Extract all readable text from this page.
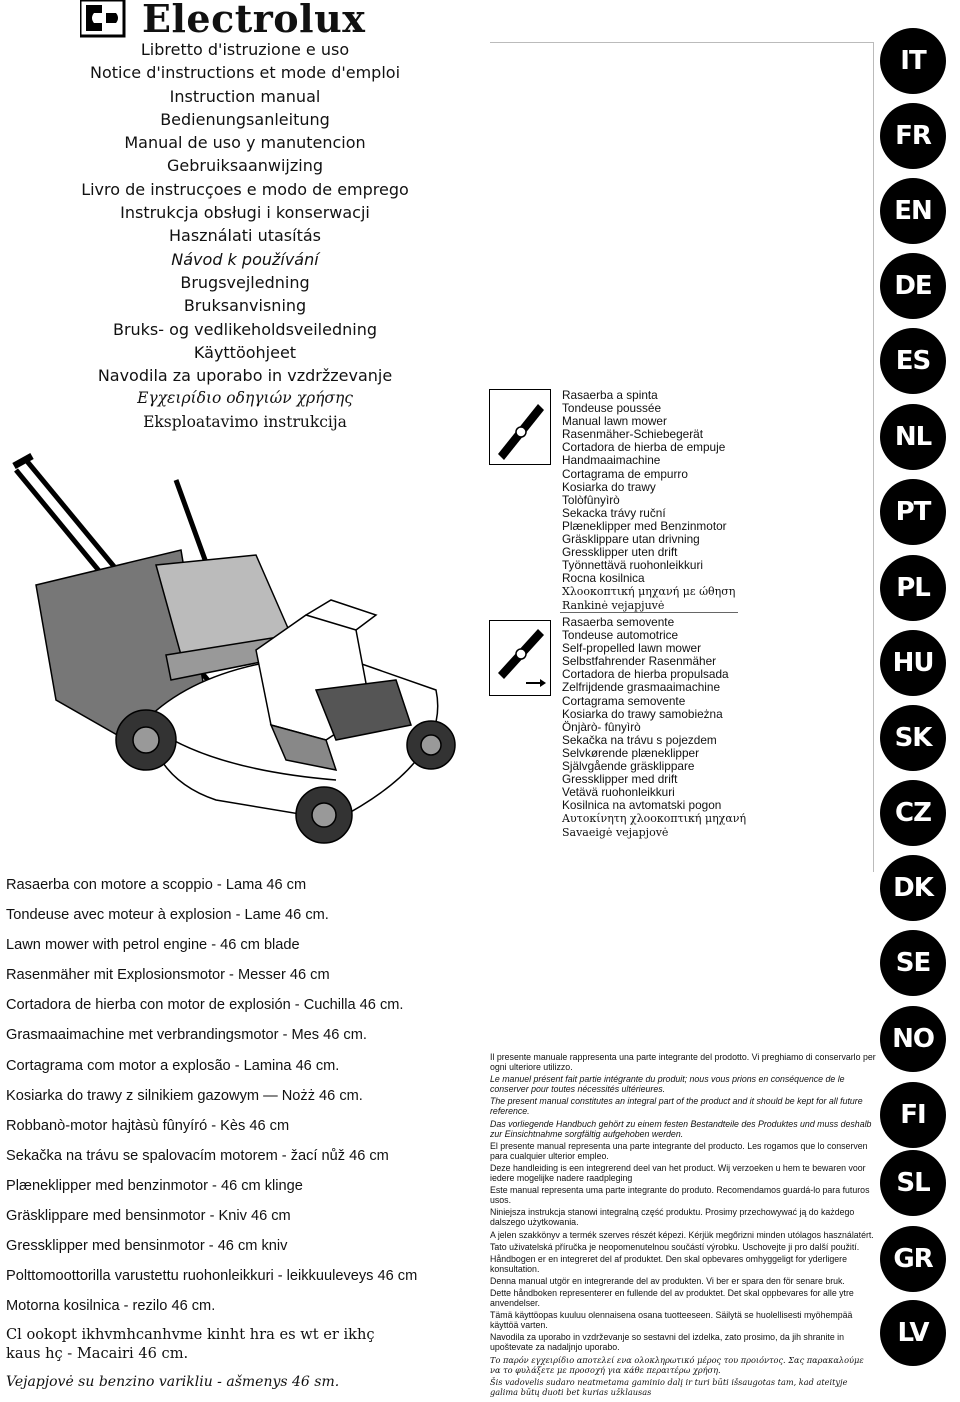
Electrolux
Libretto d'istruzione e uso
Notice d'instructions et mode d'emploi
Instruction manual
Bedienungsanleitung
Manual de uso y manutencion
Gebruiksaanwijzing
Livro de instrucçoes e modo de emprego
Instrukcja obsługi i konserwacji
Használati utasítás
Návod k používání
Brugsvejledning
Bruksanvisning
Bruks- og vedlikeholdsveiledning
Käyttöohjeet
Navodila za uporabo in vzdržzevanje
Εγχειρίδιο οδηγιών χρήσης
Eksploatavimo instrukcija
Rasaerba a spinta
Tondeuse poussée
Manual lawn mower
Rasenmäher-Schiebegerät
Cortadora de hierba de empuje
Handmaaimachine
Cortagrama de empurro
Kosiarka do trawy
Tolòfûnyìrò
Sekacka trávy ruční
Plæneklipper med Benzinmotor
Gräsklippare utan drivning
Gressklipper uten drift
Työnnettävä ruohonleikkuri
Rocna kosilnica
Χλοοκοπτική μηχανή με ώθηση
Rankinė vejapjuvė
Rasaerba semovente
Tondeuse automotrice
Self-propelled lawn mower
Selbstfahrender Rasenmäher
Cortadora de hierba propulsada
Zelfrijdende grasmaaimachine
Cortagrama semovente
Kosiarka do trawy samobieżna
Önjàrò- fûnyìrò
Sekačka na trávu s pojezdem
Selvkørende plæneklipper
Självgående gräsklippare
Gressklipper med drift
Vetävä ruohonleikkuri
Kosilnica na avtomatski pogon
Αυτοκίνητη χλοοκοπτική μηχανή
Savaeigė vejapjovė
IT
FR
EN
DE
ES
NL
PT
PL
HU
SK
CZ
DK
SE
NO
FI
SL
GR
LV
Rasaerba con motore a scoppio - Lama 46 cm
Tondeuse avec moteur à explosion - Lame 46 cm.
Lawn mower with petrol engine - 46 cm blade
Rasenmäher mit Explosionsmotor - Messer 46 cm
Cortadora de hierba con motor de explosión - Cuchilla 46 cm.
Grasmaaimachine met verbrandingsmotor - Mes 46 cm.
Cortagrama com motor a explosão - Lamina 46 cm.
Kosiarka do trawy z silnikiem gazowym — Nożż 46 cm.
Robbanò-motor hajtàsù fûnyíró - Kès 46 cm
Sekačka na trávu se spalovacím motorem - žací nůž 46 cm
Plæneklipper med benzinmotor - 46 cm klinge
Gräsklippare med bensinmotor - Kniv 46 cm
Gressklipper med bensinmotor - 46 cm kniv
Polttomoottorilla varustettu ruohonleikkuri - leikkuuleveys 46 cm
Motorna kosilnica - rezilo 46 cm.
Cl ookopt ikhvmhcanhvme kinht hra es wt er ikhç kaus hç - Macairi 46 cm.
Vejapjovė su benzino varikliu - ašmenys 46 sm.

Il presente manuale rappresenta una parte integrante del prodotto. Vi preghiamo di conservarlo per ogni ulteriore utilizzo.

Le manuel présent fait partie intégrante du produit; nous vous prions en conséquence de le conserver pour toutes nécessités ultérieures.

The present manual constitutes an integral part of the product and it should be kept for all future reference.

Das vorliegende Handbuch gehört zu einem festen Bestandteile des Produktes und muss deshalb zur Einsichtnahme sorgfältig aufgehoben werden.

El presente manual representa una parte integrante del producto. Les rogamos que lo conserven para cualquier ulterior empleo.

Deze handleiding is een integrerend deel van het product. Wij verzoeken u hem te bewaren voor iedere mogelijke nadere raadpleging

Este manual representa uma parte integrante do produto. Recomendamos guardá-lo para futuros usos.

Niniejsza instrukcja stanowi integralną część produktu. Prosimy przechowywać ją do każdego dalszego użytkowania.

A jelen szakkönyv a termék szerves részét képezi. Kérjük megőrizni minden utólagos használatért.

Tato uživatelská příručka je neopomenutelnou součástí výrobku. Uschovejte ji pro další použití.

Håndbogen er en integreret del af produktet. Den skal opbevares omhyggeligt for yderligere konsultation.

Denna manual utgör en integrerande del av produkten. Vi ber er spara den för senare bruk.

Dette håndboken representerer en fullende del av produktet. Det skal oppbevares for alle ytre anvendelser.

Tämä käyttöopas kuuluu olennaisena osana tuotteeseen. Säilytä se huolellisesti myöhempää käyttöä varten.

Navodila za uporabo in vzdrževanje so sestavni del izdelka, zato prosimo, da jih shranite in upoštevate za nadaljnjo uporabo.

Το παρόν εγχειρίδιο αποτελεί ενα ολοκληρωτικό μέρος του προιόντος. Σας παρακαλούμε να το φυλάξετε με προσοχή για κάθε περαιτέρω χρήση.

Šis vadovelis sudaro neatmetama gaminio dalį ir turi būti išsaugotas tam, kad ateityje galima būtų duoti bet kurias užklausas
